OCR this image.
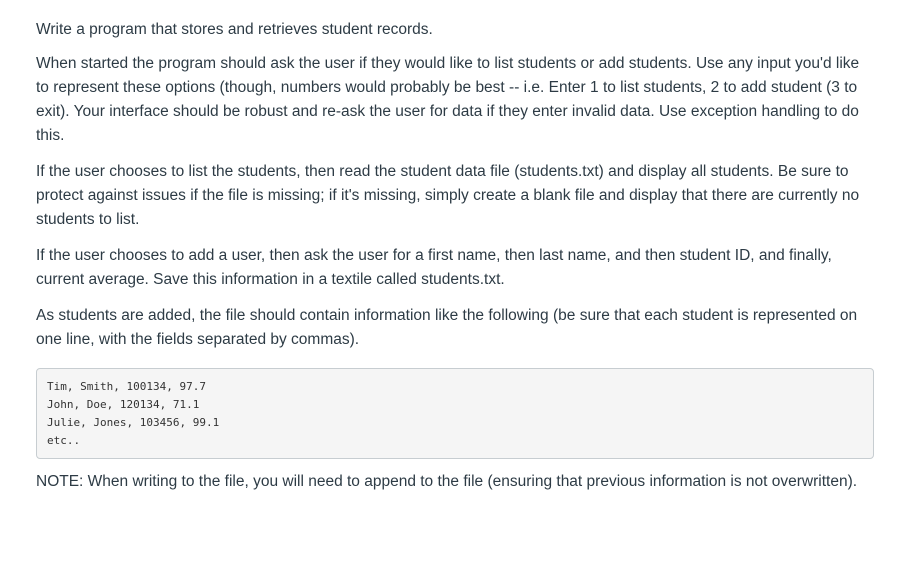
Write a program that stores and retrieves student records.

When started the program should ask the user if they would like to list students or add students. Use any input you'd like to represent these options (though, numbers would probably be best -- i.e. Enter 1 to list students, 2 to add student (3 to exit). Your interface should be robust and re-ask the user for data if they enter invalid data. Use exception handling to do this.

If the user chooses to list the students, then read the student data file (students.txt) and display all students. Be sure to protect against issues if the file is missing; if it's missing, simply create a blank file and display that there are currently no students to list.

If the user chooses to add a user, then ask the user for a first name, then last name, and then student ID, and finally, current average. Save this information in a textile called students.txt.

As students are added, the file should contain information like the following (be sure that each student is represented on one line, with the fields separated by commas).

Tim, Smith, 100134, 97.7
John, Doe, 120134, 71.1
Julie, Jones, 103456, 99.1
etc..

NOTE: When writing to the file, you will need to append to the file (ensuring that previous information is not overwritten).
